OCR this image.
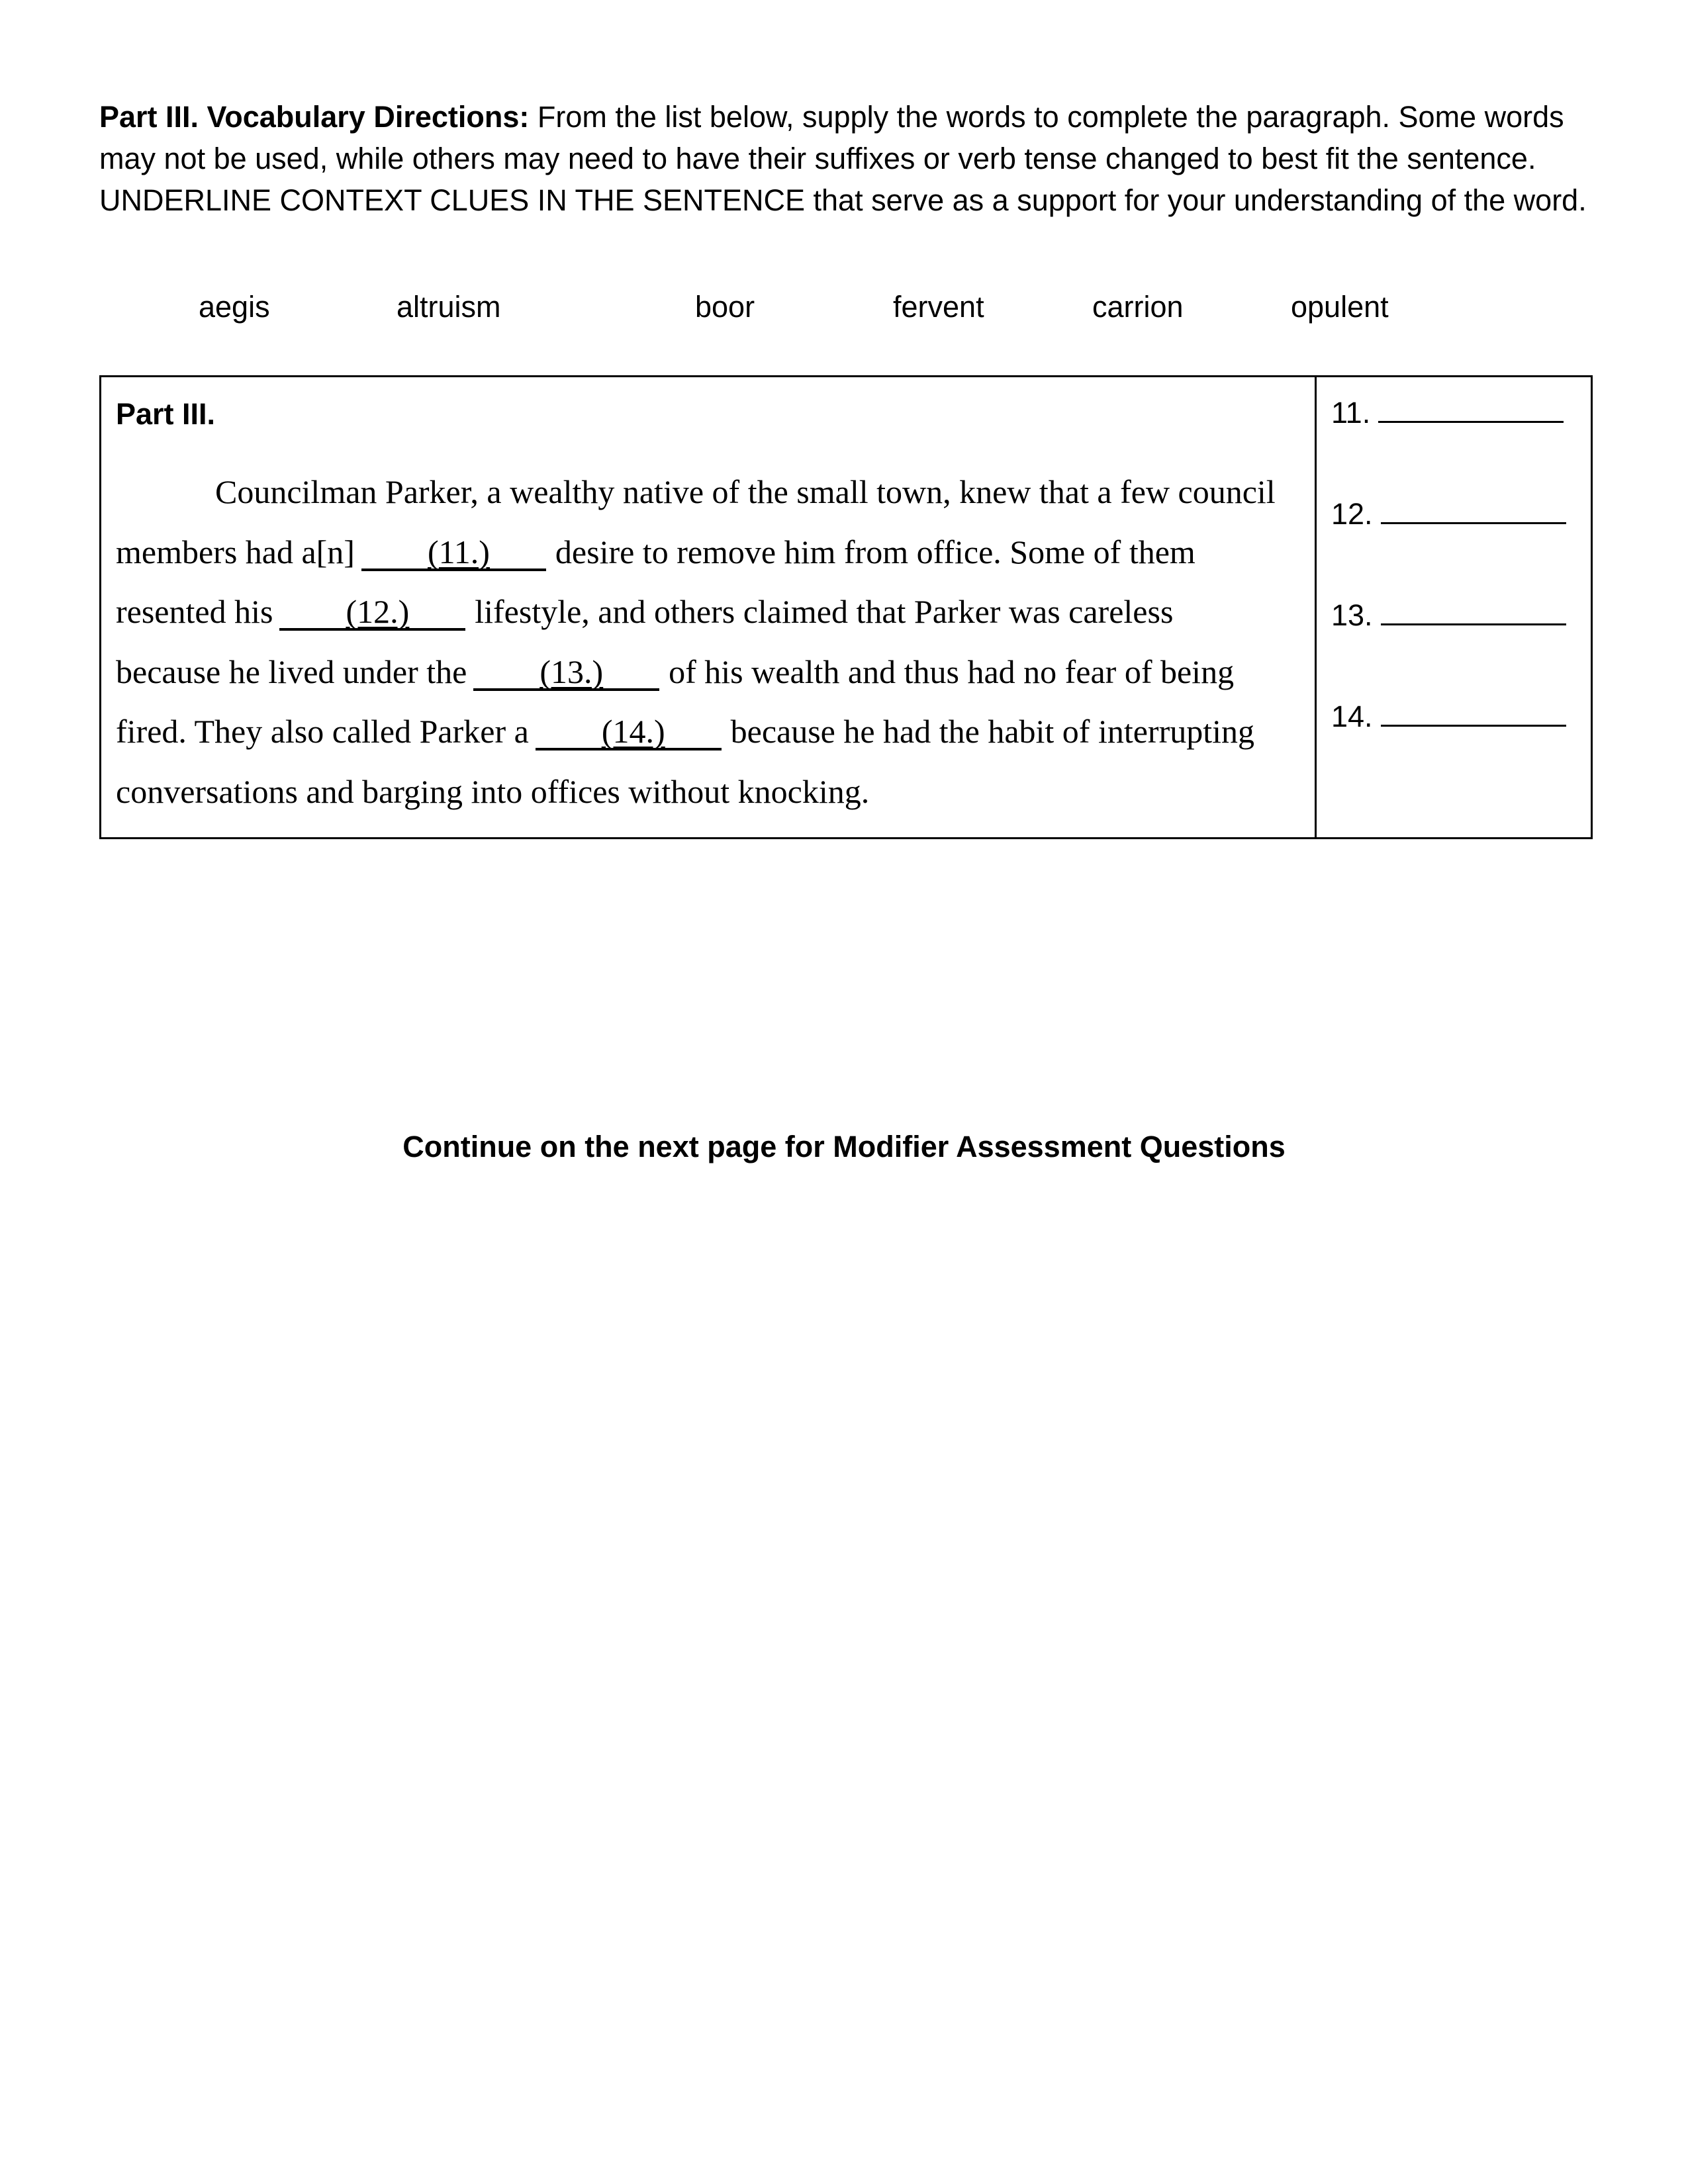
Part III. Vocabulary Directions: From the list below, supply the words to complete the paragraph. Some words may not be used, while others may need to have their suffixes or verb tense changed to best fit the sentence. UNDERLINE CONTEXT CLUES IN THE SENTENCE that serve as a support for your understanding of the word.
aegis	altruism	boor	fervent	carrion	opulent
Part III.
Councilman Parker, a wealthy native of the small town, knew that a few council
members had a[n] (11.) desire to remove him from office. Some of them
resented his (12.) lifestyle, and others claimed that Parker was careless
because he lived under the (13.) of his wealth and thus had no fear of being
fired. They also called Parker a (14.) because he had the habit of interrupting
conversations and barging into offices without knocking.
11.
12.
13.
14.
Continue on the next page for Modifier Assessment Questions
